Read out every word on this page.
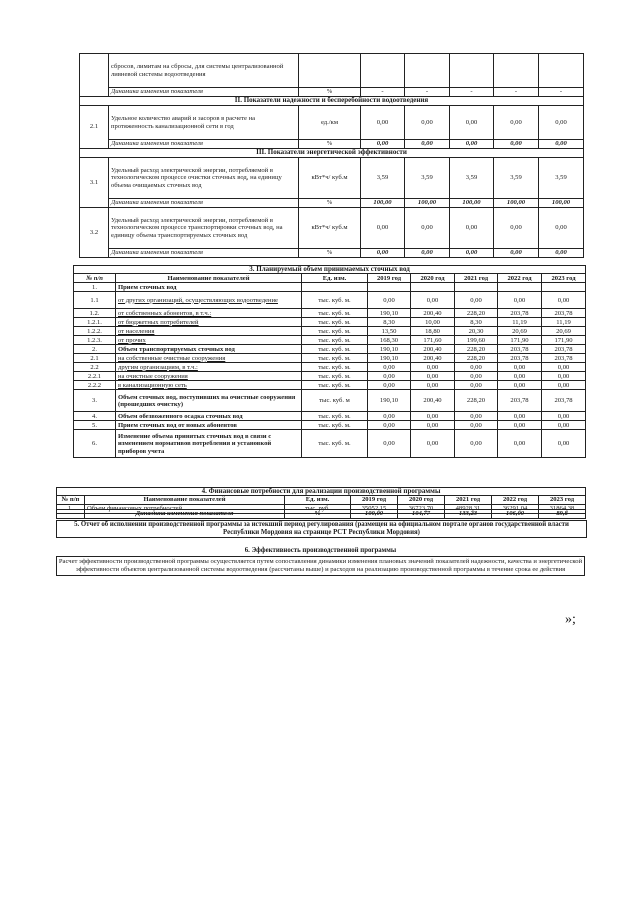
	сбросов, лимитам на сбросы, для системы централизованной ливневой системы водоотведения						
	Динамика изменения показателя	%	-	-	-	-	-
II. Показатели надежности и бесперебойности водоотведения							
2.1	Удельное количество аварий и засоров в расчете на протяженность канализационной сети в год	ед./км	0,00	0,00	0,00	0,00	0,00
	Динамика изменения показателя	%	0,00	0,00	0,00	0,00	0,00
III. Показатели энергетической эффективности							
3.1	Удельный расход электрической энергии, потребляемой в технологическом процессе очистки сточных вод, на единицу объема очищаемых сточных вод	кВт*ч/ куб.м	3,59	3,59	3,59	3,59	3,59
	Динамика изменения показателя	%	100,00	100,00	100,00	100,00	100,00
3.2	Удельный расход электрической энергии, потребляемой в технологическом процессе транспортировки сточных вод, на единицу объема транспортируемых сточных вод	кВт*ч/ куб.м	0,00	0,00	0,00	0,00	0,00
	Динамика изменения показателя	%	0,00	0,00	0,00	0,00	0,00
3. Планируемый объем принимаемых сточных вод							
№ п/п	Наименование показателей	Ед. изм.	2019 год	2020 год	2021 год	2022 год	2023 год
1.	Прием сточных вод						
1.1	от других организаций, осуществляющих водоотведение	тыс. куб. м.	0,00	0,00	0,00	0,00	0,00
1.2.	от собственных абонентов, в т.ч.:	тыс. куб. м.	190,10	200,40	228,20	203,78	203,78
1.2.1.	от бюджетных потребителей	тыс. куб. м.	8,30	10,00	8,30	11,19	11,19
1.2.2.	от населения	тыс. куб. м.	13,50	18,80	20,30	20,69	20,69
1.2.3.	от прочих	тыс. куб. м.	168,30	171,60	199,60	171,90	171,90
2.	Объем транспортируемых сточных вод	тыс. куб. м.	190,10	200,40	228,20	203,78	203,78
2.1	на собственные очистные сооружения	тыс. куб. м.	190,10	200,40	228,20	203,78	203,78
2.2	другим организациям, в т.ч.:	тыс. куб. м.	0,00	0,00	0,00	0,00	0,00
2.2.1	на очистные сооружения	тыс. куб. м.	0,00	0,00	0,00	0,00	0,00
2.2.2	в канализационную сеть	тыс. куб. м.	0,00	0,00	0,00	0,00	0,00
3.	Объем сточных вод, поступивших на очистные сооружения (прошедших очистку)	тыс. куб. м	190,10	200,40	228,20	203,78	203,78
4.	Объем обезвоженного осадка сточных вод	тыс. куб. м.	0,00	0,00	0,00	0,00	0,00
5.	Прием сточных вод от новых абонентов	тыс. куб. м.	0,00	0,00	0,00	0,00	0,00
6.	Изменение объема принятых сточных вод в связи с изменением нормативов потребления и установкой приборов учета	тыс. куб. м.	0,00	0,00	0,00	0,00	0,00
4. Финансовые потребности для реализации производственной программы
№ п/п	Наименование показателей	Ед. изм.	2019 год	2020 год	2021 год	2022 год	2023 год
1.	Объем финансовых потребностей	тыс. руб.	35052,15	36723,70	48928,31	36291,04	31864,38
	Динамика изменения показателя	%	100,00	104,77	133,23	106,00	89,8
5. Отчет об исполнении производственной программы за истекший период регулирования (размещен на официальном портале органов государственной власти Республики Мордовия на странице РСТ Республики Мордовия)
6. Эффективность производственной программы
Расчет эффективности производственной программы осуществляется путем сопоставления динамики изменения плановых значений показателей надежности, качества и энергетической эффективности объектов централизованной системы водоотведения (рассчитаны выше) и расходов на реализацию производственной программы в течение срока ее действия
»;
